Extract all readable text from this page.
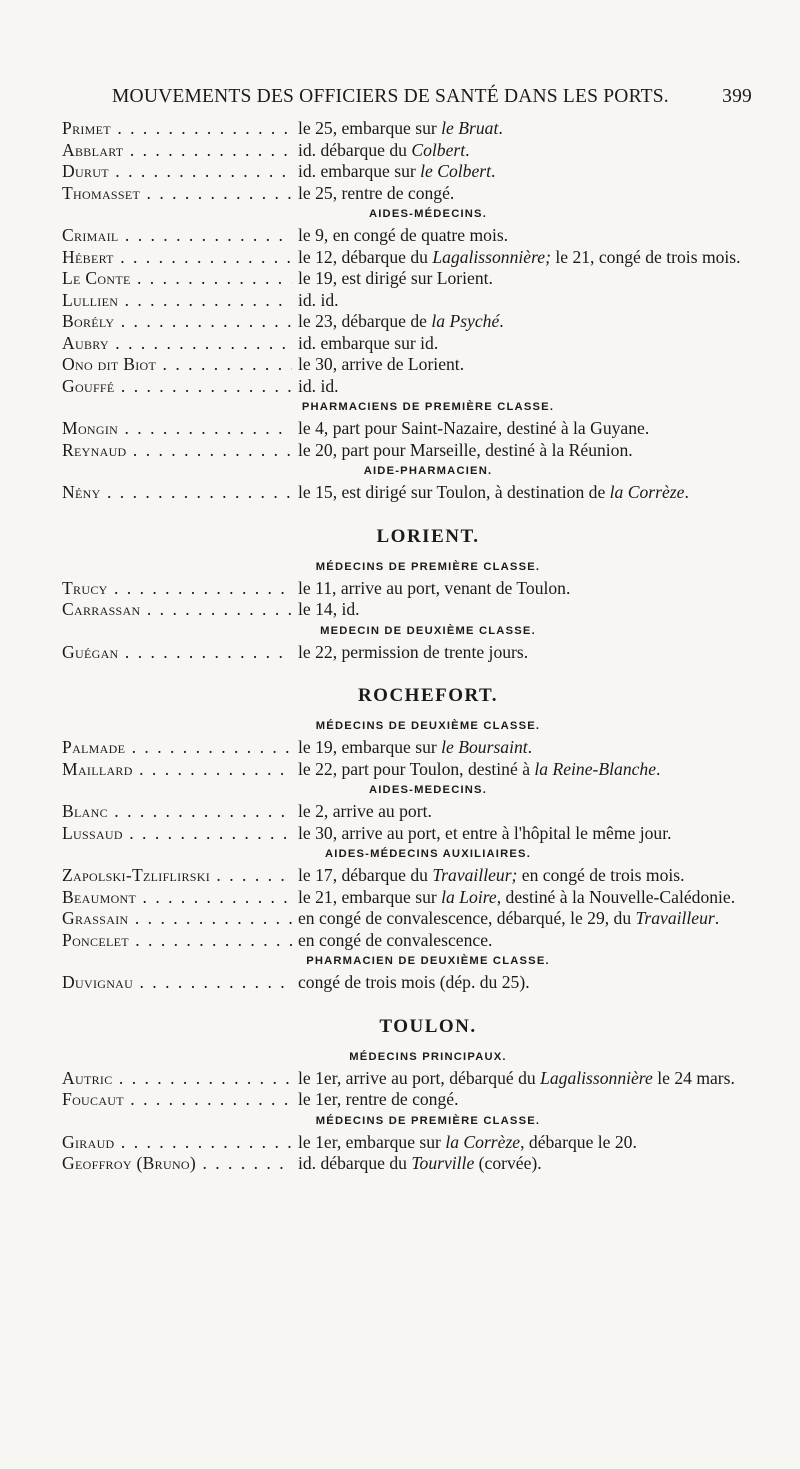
MOUVEMENTS DES OFFICIERS DE SANTÉ DANS LES PORTS.	399
Primet . . .	le 25, embarque sur le Bruat.
Abblart . . .	id. débarque du Colbert.
Durut . . .	id. embarque sur le Colbert.
Thomasset . . .	le 25, rentre de congé.
AIDES-MÉDECINS.
Crimail . . .	le 9, en congé de quatre mois.
Hébert . . .	le 12, débarque du Lagalissonnière; le 21, congé de trois mois.
Le Conte . . .	le 19, est dirigé sur Lorient.
Lullien . . .	id. id.
Borély . . .	le 23, débarque de la Psyché.
Aubry . . .	id. embarque sur id.
Ono dit Biot . . .	le 30, arrive de Lorient.
Gouffé . . .	id. id.
PHARMACIENS DE PREMIÈRE CLASSE.
Mongin . . .	le 4, part pour Saint-Nazaire, destiné à la Guyane.
Reynaud . . .	le 20, part pour Marseille, destiné à la Réunion.
AIDE-PHARMACIEN.
Nény . . .	le 15, est dirigé sur Toulon, à destination de la Corrèze.
LORIENT.
MÉDECINS DE PREMIÈRE CLASSE.
Trucy . . .	le 11, arrive au port, venant de Toulon.
Carrassan . . .	le 14, id.
MEDECIN DE DEUXIÈME CLASSE.
Guégan . . .	le 22, permission de trente jours.
ROCHEFORT.
MÉDECINS DE DEUXIÈME CLASSE.
Palmade . . .	le 19, embarque sur le Boursaint.
Maillard . . .	le 22, part pour Toulon, destiné à la Reine-Blanche.
AIDES-MEDECINS.
Blanc . . .	le 2, arrive au port.
Lussaud . . .	le 30, arrive au port, et entre à l'hôpital le même jour.
AIDES-MÉDECINS AUXILIAIRES.
Zapolski-Tzliflirski . . .	le 17, débarque du Travailleur; en congé de trois mois.
Beaumont . . .	le 21, embarque sur la Loire, destiné à la Nouvelle-Calédonie.
Grassain . . .	en congé de convalescence, débarqué, le 29, du Travailleur.
Poncelet . . .	en congé de convalescence.
PHARMACIEN DE DEUXIÈME CLASSE.
Duvignau . . .	congé de trois mois (dép. du 25).
TOULON.
MÉDECINS PRINCIPAUX.
Autric . . .	le 1er, arrive au port, débarqué du Lagalissonnière le 24 mars.
Foucaut . . .	le 1er, rentre de congé.
MÉDECINS DE PREMIÈRE CLASSE.
Giraud . . .	le 1er, embarque sur la Corrèze, débarque le 20.
Geoffroy (Bruno) . . .	id. débarque du Tourville (corvée).
